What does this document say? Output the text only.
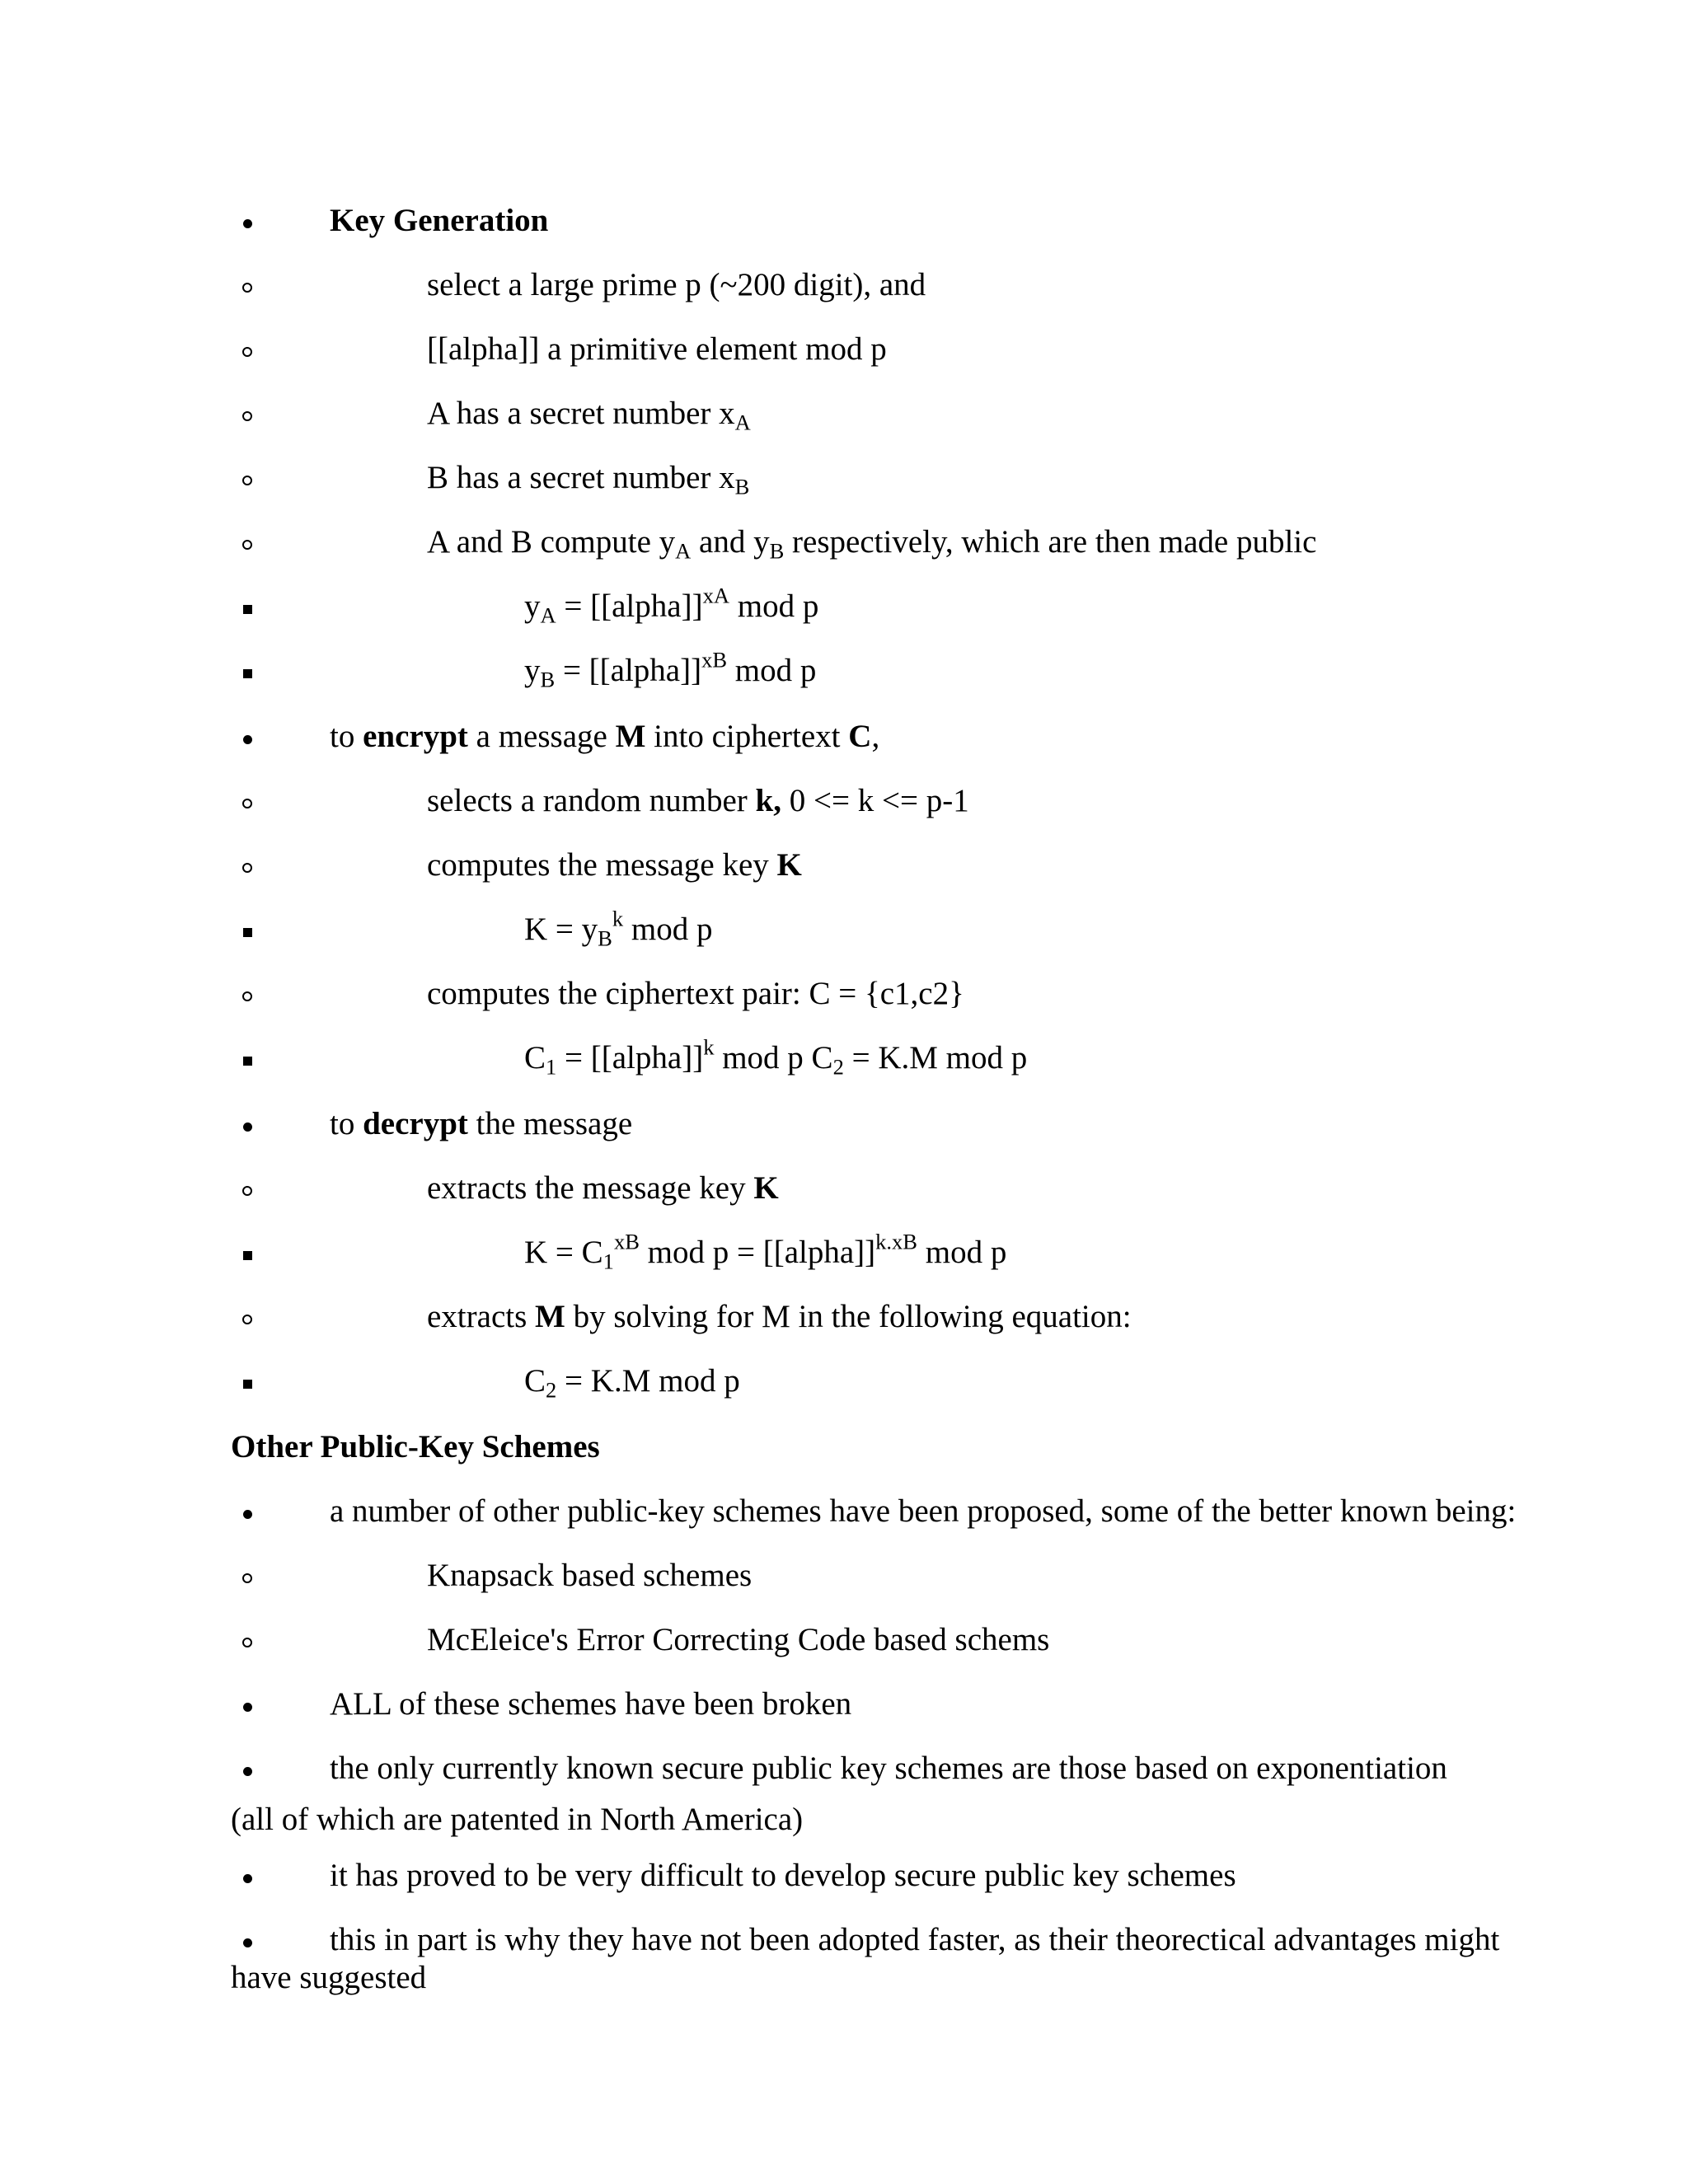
Key Generation
select a large prime p (~200 digit), and
[[alpha]] a primitive element mod p
A has a secret number $x_A$
B has a secret number $x_B$
A and B compute $y_A$ and $y_B$ respectively, which are then made public
$y_A$ = [[alpha]]$^{xA}$ mod p
$y_B$ = [[alpha]]$^{xB}$ mod p
to encrypt a message M into ciphertext C,
selects a random number k, 0 <= k <= p-1
computes the message key K
$K = y_B^k$ mod p
computes the ciphertext pair: C = {c1,c2}
$C_1$ = [[alpha]]$^k$ mod p $C_2 = K.M$ mod p
to decrypt the message
extracts the message key K
$K = C_1^{xB}$ mod p = [[alpha]]$^{k.xB}$ mod p
extracts M by solving for M in the following equation:
$C_2 = K.M$ mod p
Other Public-Key Schemes
a number of other public-key schemes have been proposed, some of the better known being:
Knapsack based schemes
McEleice's Error Correcting Code based schems
ALL of these schemes have been broken
the only currently known secure public key schemes are those based on exponentiation
(all of which are patented in North America)
it has proved to be very difficult to develop secure public key schemes
this in part is why they have not been adopted faster, as their theorectical advantages might
have suggested
